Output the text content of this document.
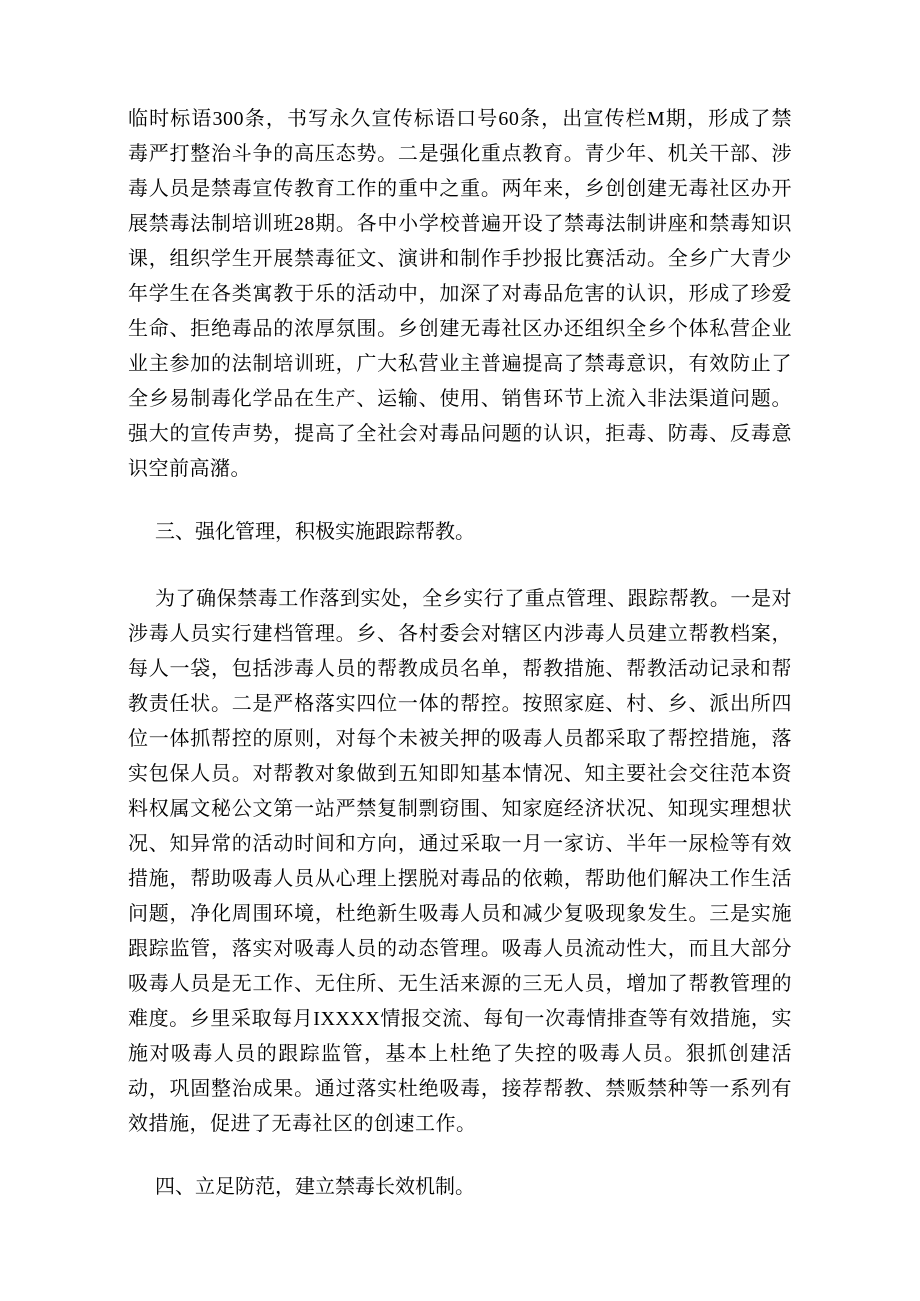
临时标语300条，书写永久宣传标语口号60条，出宣传栏M期，形成了禁毒严打整治斗争的高压态势。二是强化重点教育。青少年、机关干部、涉毒人员是禁毒宣传教育工作的重中之重。两年来，乡创创建无毒社区办开展禁毒法制培训班28期。各中小学校普遍开设了禁毒法制讲座和禁毒知识课，组织学生开展禁毒征文、演讲和制作手抄报比赛活动。全乡广大青少年学生在各类寓教于乐的活动中，加深了对毒品危害的认识，形成了珍爱生命、拒绝毒品的浓厚氛围。乡创建无毒社区办还组织全乡个体私营企业业主参加的法制培训班，广大私营业主普遍提高了禁毒意识，有效防止了全乡易制毒化学品在生产、运输、使用、销售环节上流入非法渠道问题。强大的宣传声势，提高了全社会对毒品问题的认识，拒毒、防毒、反毒意识空前高潴。

三、强化管理，积极实施跟踪帮教。

为了确保禁毒工作落到实处，全乡实行了重点管理、跟踪帮教。一是对涉毒人员实行建档管理。乡、各村委会对辖区内涉毒人员建立帮教档案，每人一袋，包括涉毒人员的帮教成员名单，帮教措施、帮教活动记录和帮教责任状。二是严格落实四位一体的帮控。按照家庭、村、乡、派出所四位一体抓帮控的原则，对每个未被关押的吸毒人员都采取了帮控措施，落实包保人员。对帮教对象做到五知即知基本情况、知主要社会交往范本资料权属文秘公文第一站严禁复制剽窃围、知家庭经济状况、知现实理想状况、知异常的活动时间和方向，通过采取一月一家访、半年一尿检等有效措施，帮助吸毒人员从心理上摆脱对毒品的依赖，帮助他们解决工作生活问题，净化周围环境，杜绝新生吸毒人员和减少复吸现象发生。三是实施跟踪监管，落实对吸毒人员的动态管理。吸毒人员流动性大，而且大部分吸毒人员是无工作、无住所、无生活来源的三无人员，增加了帮教管理的难度。乡里采取每月IXXXX情报交流、每旬一次毒情排查等有效措施，实施对吸毒人员的跟踪监管，基本上杜绝了失控的吸毒人员。狠抓创建活动，巩固整治成果。通过落实杜绝吸毒，接荐帮教、禁贩禁种等一系列有效措施，促进了无毒社区的创速工作。

四、立足防范，建立禁毒长效机制。
